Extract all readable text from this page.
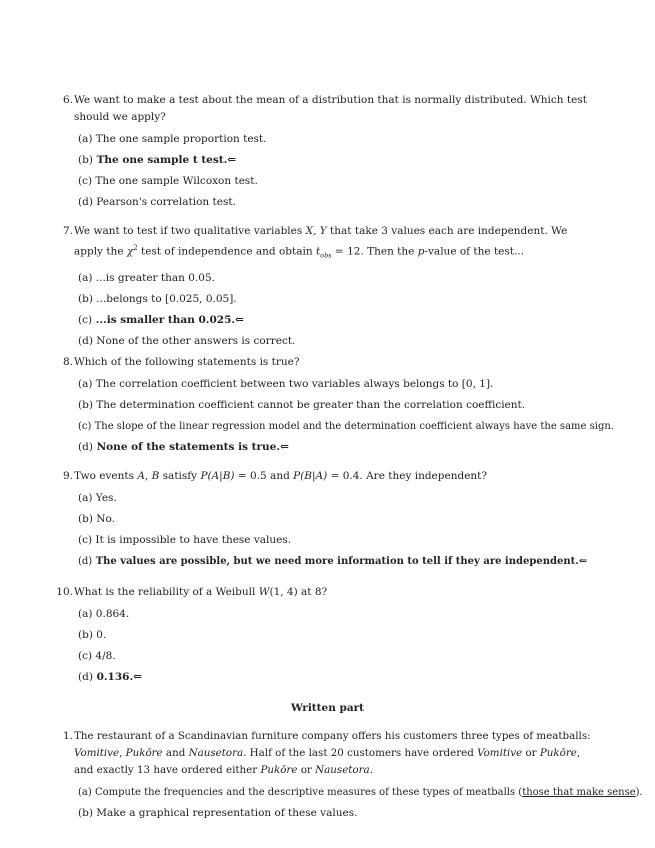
6. We want to make a test about the mean of a distribution that is normally distributed. Which test should we apply?
(a) The one sample proportion test.
(b) The one sample t test.⇐
(c) The one sample Wilcoxon test.
(d) Pearson's correlation test.
7. We want to test if two qualitative variables X, Y that take 3 values each are independent. We apply the $\chi^2$ test of independence and obtain $t_{obs} = 12$. Then the p-value of the test...
(a) ...is greater than 0.05.
(b) ...belongs to [0.025, 0.05].
(c) ...is smaller than 0.025.⇐
(d) None of the other answers is correct.
8. Which of the following statements is true?
(a) The correlation coefficient between two variables always belongs to [0, 1].
(b) The determination coefficient cannot be greater than the correlation coefficient.
(c) The slope of the linear regression model and the determination coefficient always have the same sign.
(d) None of the statements is true.⇐
9. Two events A, B satisfy P(A|B) = 0.5 and P(B|A) = 0.4. Are they independent?
(a) Yes.
(b) No.
(c) It is impossible to have these values.
(d) The values are possible, but we need more information to tell if they are independent.⇐
10. What is the reliability of a Weibull W(1, 4) at 8?
(a) 0.864.
(b) 0.
(c) 4/8.
(d) 0.136.⇐
Written part
1. The restaurant of a Scandinavian furniture company offers his customers three types of meatballs: Vomitive, Pukōre and Nausetora. Half of the last 20 customers have ordered Vomitive or Pukōre, and exactly 13 have ordered either Pukōre or Nausetora.
(a) Compute the frequencies and the descriptive measures of these types of meatballs (those that make sense).
(b) Make a graphical representation of these values.
